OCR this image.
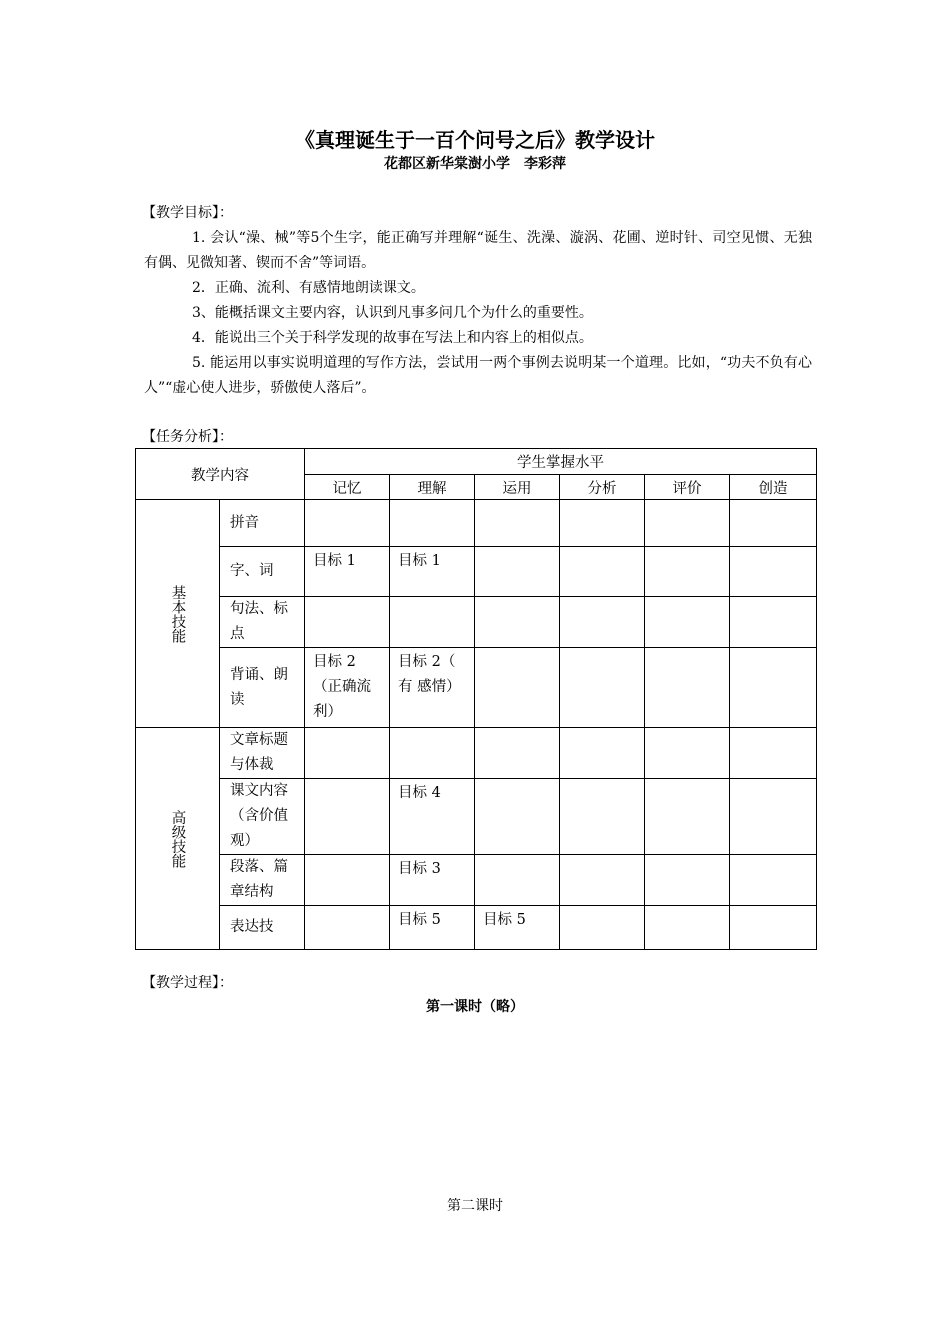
《真理诞生于一百个问号之后》教学设计
花都区新华棠澍小学　李彩萍
【教学目标】：

1. 会认“澡、械”等5个生字，能正确写并理解“诞生、洗澡、漩涡、花圃、逆时针、司空见惯、无独有偶、见微知著、锲而不舍”等词语。

2．正确、流利、有感情地朗读课文。

3、能概括课文主要内容，认识到凡事多问几个为什么的重要性。

4．能说出三个关于科学发现的故事在写法上和内容上的相似点。

5. 能运用以事实说明道理的写作方法，尝试用一两个事例去说明某一个道理。比如，“功夫不负有心人”“虚心使人进步，骄傲使人落后”。

【任务分析】：
教学内容		学生掌握水平					
		记忆	理解	运用	分析	评价	创造

基本技能	拼音						
	字、词	目标 1	目标 1				
	句法、标点						
	背诵、朗读	目标 2（正确流利）	目标 2（ 有 感情）				

高级技能	文章标题与体裁						
	课文内容（含价值观）		目标 4				
	段落、篇章结构		目标 3				
	表达技		目标 5	目标 5			
【教学过程】：
第一课时（略）
第二课时
